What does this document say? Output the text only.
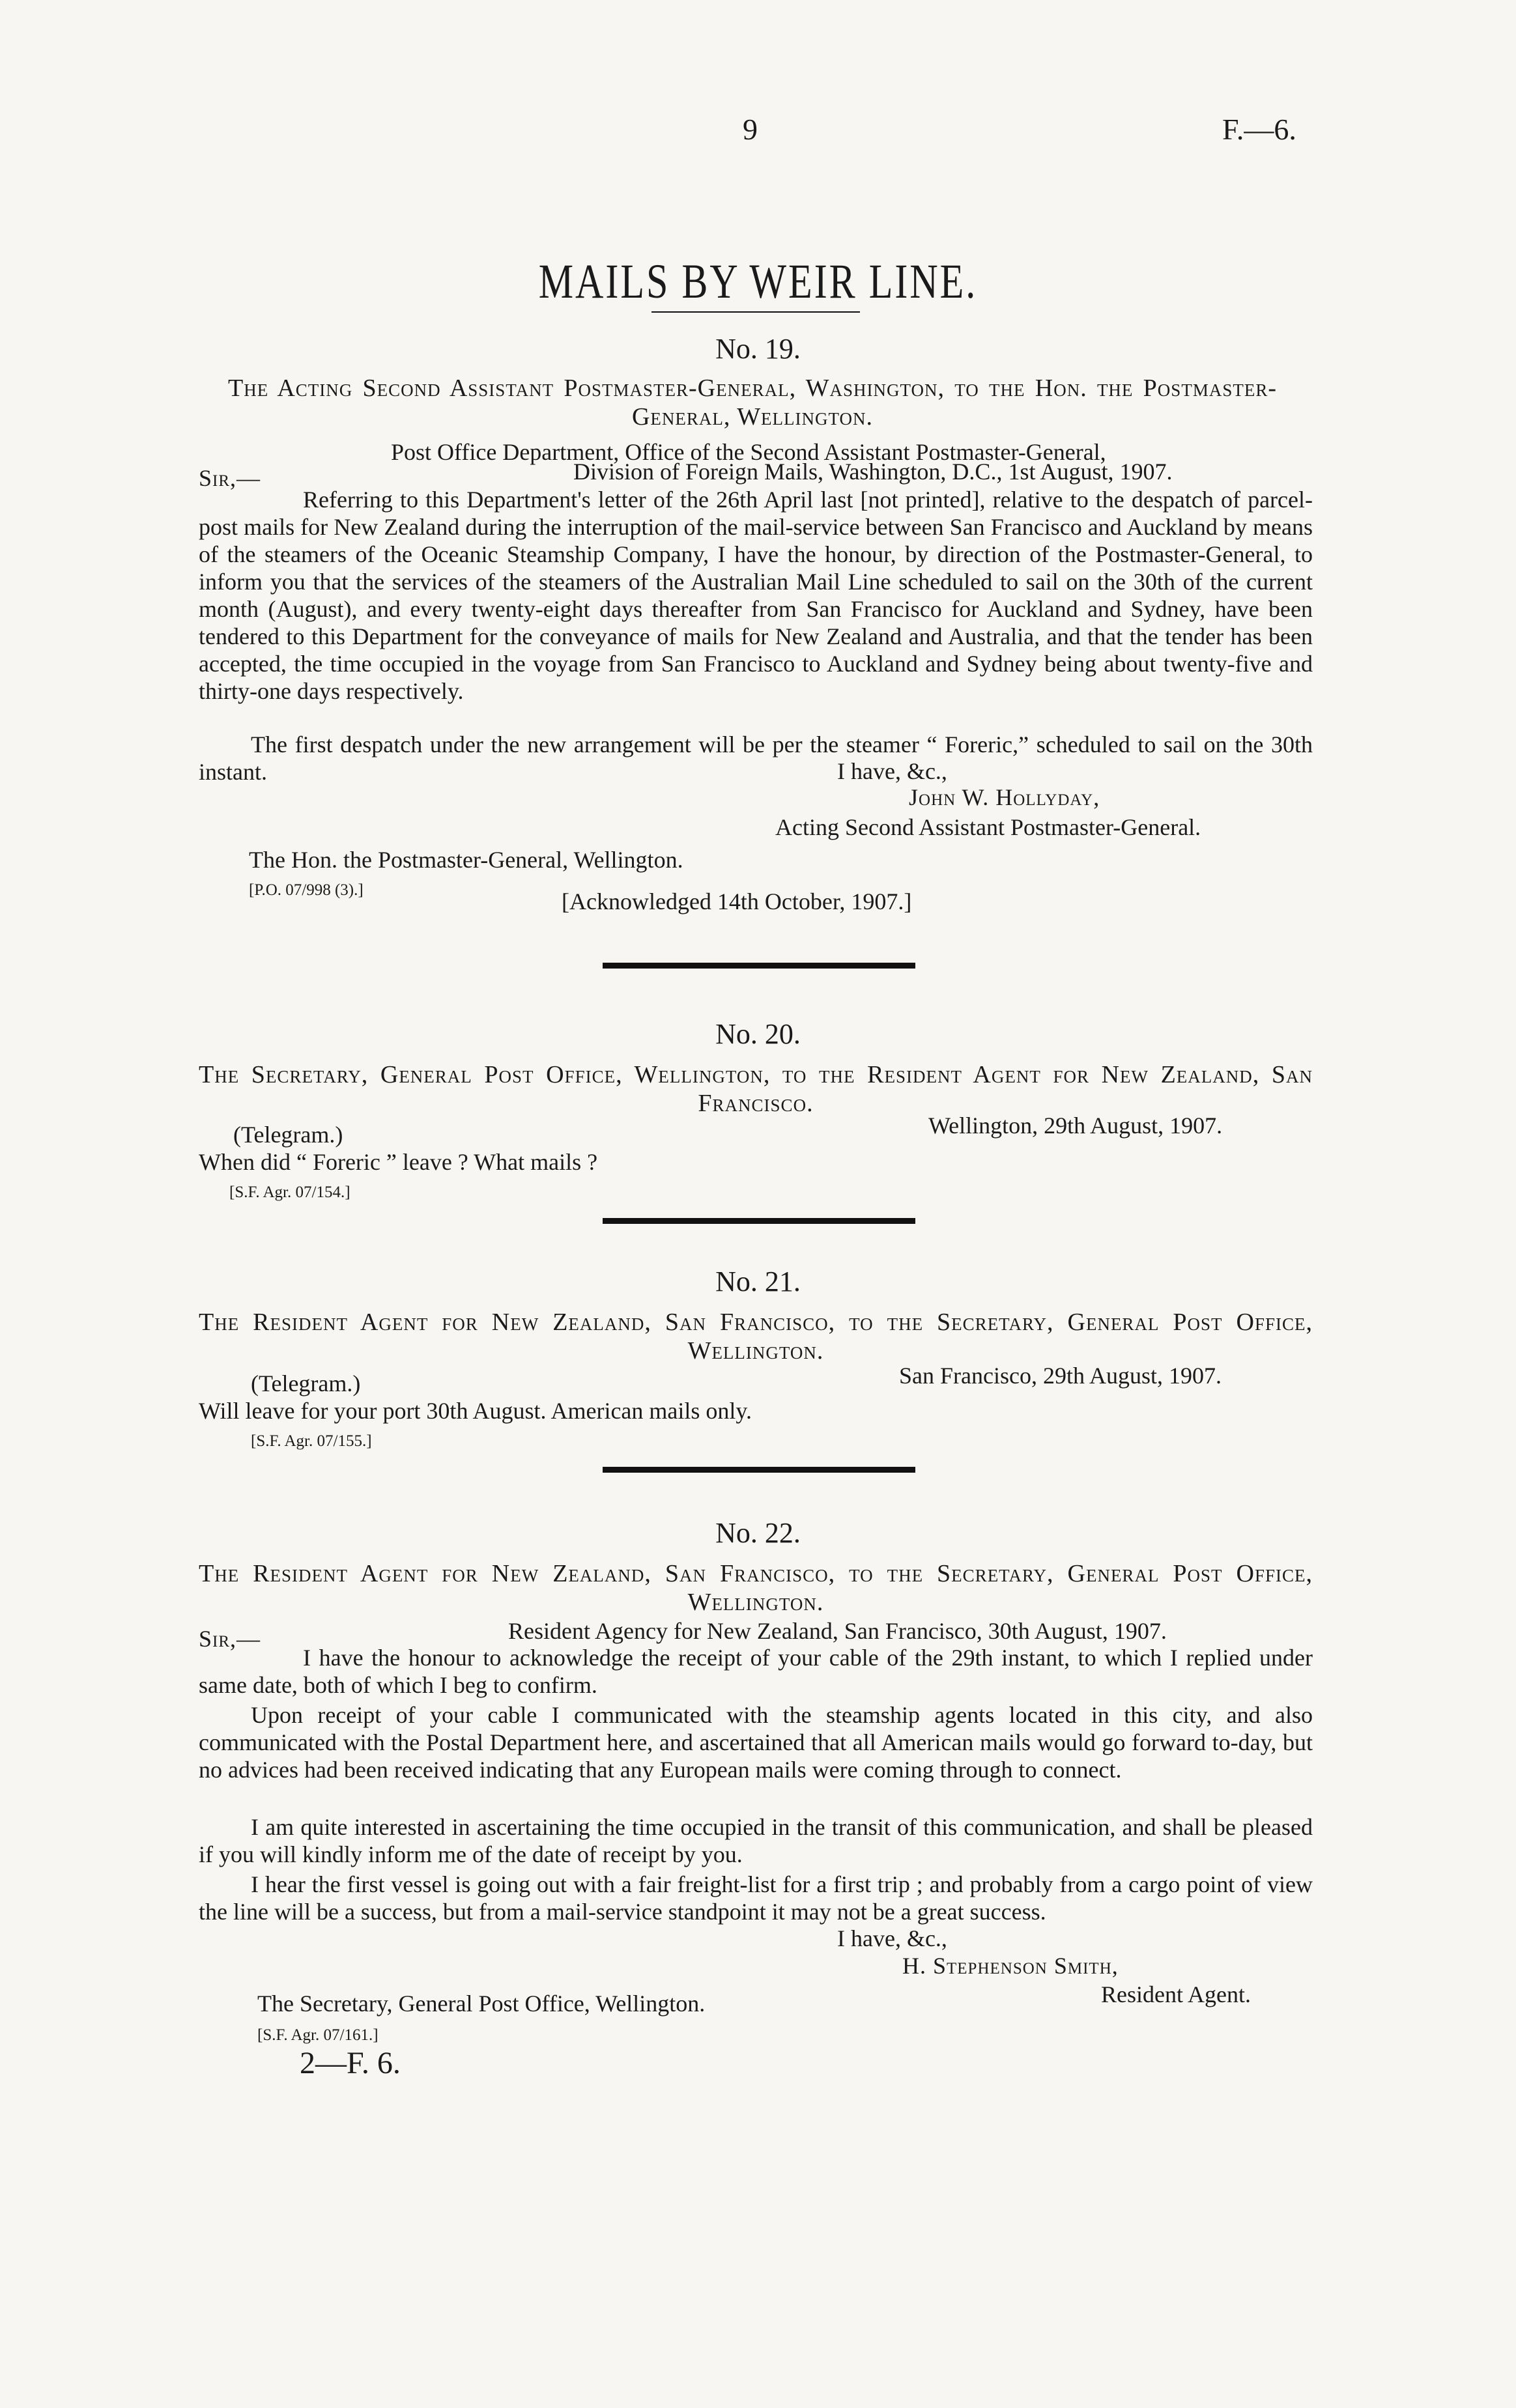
9	F.—6.
MAILS BY WEIR LINE.
No. 19.
The Acting Second Assistant Postmaster-General, Washington, to the Hon. the Postmaster-General, Wellington.
Post Office Department, Office of the Second Assistant Postmaster-General,
Sir,—	Division of Foreign Mails, Washington, D.C., 1st August, 1907.
Referring to this Department's letter of the 26th April last [not printed], relative to the despatch of parcel-post mails for New Zealand during the interruption of the mail-service between San Francisco and Auckland by means of the steamers of the Oceanic Steamship Company, I have the honour, by direction of the Postmaster-General, to inform you that the services of the steamers of the Australian Mail Line scheduled to sail on the 30th of the current month (August), and every twenty-eight days thereafter from San Francisco for Auckland and Sydney, have been tendered to this Department for the conveyance of mails for New Zealand and Australia, and that the tender has been accepted, the time occupied in the voyage from San Francisco to Auckland and Sydney being about twenty-five and thirty-one days respectively.
The first despatch under the new arrangement will be per the steamer “ Foreric,” scheduled to sail on the 30th instant.	I have, &c.,
John W. Hollyday,
Acting Second Assistant Postmaster-General.
The Hon. the Postmaster-General, Wellington.
[P.O. 07/998 (3).]	[Acknowledged 14th October, 1907.]
No. 20.
The Secretary, General Post Office, Wellington, to the Resident Agent for New Zealand, San Francisco.
(Telegram.)	Wellington, 29th August, 1907.
When did “ Foreric ” leave ? What mails ?
[S.F. Agr. 07/154.]
No. 21.
The Resident Agent for New Zealand, San Francisco, to the Secretary, General Post Office, Wellington.
(Telegram.)	San Francisco, 29th August, 1907.
Will leave for your port 30th August. American mails only.
[S.F. Agr. 07/155.]
No. 22.
The Resident Agent for New Zealand, San Francisco, to the Secretary, General Post Office, Wellington.
Sir,—	Resident Agency for New Zealand, San Francisco, 30th August, 1907.
I have the honour to acknowledge the receipt of your cable of the 29th instant, to which I replied under same date, both of which I beg to confirm.
Upon receipt of your cable I communicated with the steamship agents located in this city, and also communicated with the Postal Department here, and ascertained that all American mails would go forward to-day, but no advices had been received indicating that any European mails were coming through to connect.
I am quite interested in ascertaining the time occupied in the transit of this communication, and shall be pleased if you will kindly inform me of the date of receipt by you.
I hear the first vessel is going out with a fair freight-list for a first trip ; and probably from a cargo point of view the line will be a success, but from a mail-service standpoint it may not be a great success.
I have, &c.,
H. Stephenson Smith,
Resident Agent.
The Secretary, General Post Office, Wellington.
[S.F. Agr. 07/161.]
2—F. 6.
